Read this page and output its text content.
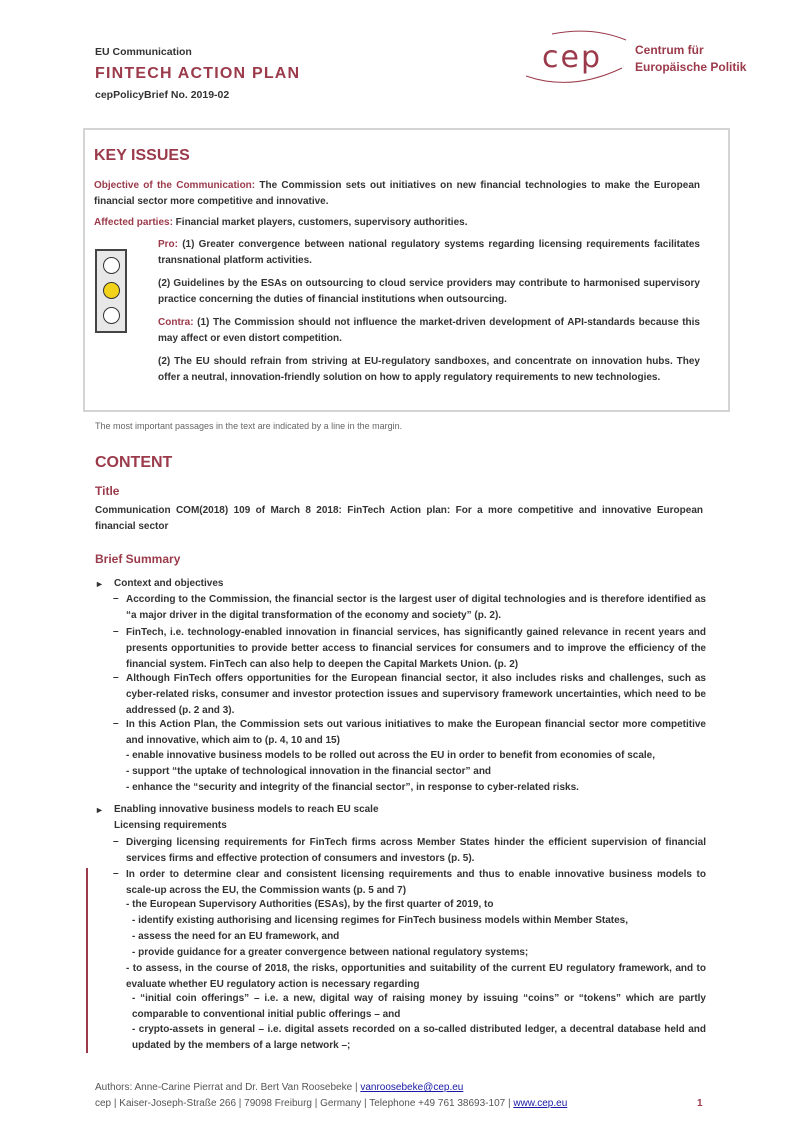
EU Communication
FINTECH ACTION PLAN
cepPolicyBrief No. 2019-02
cep	Centrum für
Europäische Politik
KEY ISSUES

Objective of the Communication: The Commission sets out initiatives on new financial technologies to make the European financial sector more competitive and innovative.

Affected parties: Financial market players, customers, supervisory authorities.

Pro: (1) Greater convergence between national regulatory systems regarding licensing requirements facilitates transnational platform activities.

(2) Guidelines by the ESAs on outsourcing to cloud service providers may contribute to harmonised supervisory practice concerning the duties of financial institutions when outsourcing.

Contra: (1) The Commission should not influence the market-driven development of API-standards because this may affect or even distort competition.

(2) The EU should refrain from striving at EU-regulatory sandboxes, and concentrate on innovation hubs. They offer a neutral, innovation-friendly solution on how to apply regulatory requirements to new technologies.

The most important passages in the text are indicated by a line in the margin.
CONTENT
Title
Communication COM(2018) 109 of March 8 2018: FinTech Action plan: For a more competitive and innovative European financial sector
Brief Summary
► Context and objectives
– According to the Commission, the financial sector is the largest user of digital technologies and is therefore identified as “a major driver in the digital transformation of the economy and society” (p. 2).
– FinTech, i.e. technology-enabled innovation in financial services, has significantly gained relevance in recent years and presents opportunities to provide better access to financial services for consumers and to improve the efficiency of the financial system. FinTech can also help to deepen the Capital Markets Union. (p. 2)
– Although FinTech offers opportunities for the European financial sector, it also includes risks and challenges, such as cyber-related risks, consumer and investor protection issues and supervisory framework uncertainties, which need to be addressed (p. 2 and 3).
– In this Action Plan, the Commission sets out various initiatives to make the European financial sector more competitive and innovative, which aim to (p. 4, 10 and 15)
- enable innovative business models to be rolled out across the EU in order to benefit from economies of scale,
- support “the uptake of technological innovation in the financial sector” and
- enhance the “security and integrity of the financial sector”, in response to cyber-related risks.
► Enabling innovative business models to reach EU scale
Licensing requirements
– Diverging licensing requirements for FinTech firms across Member States hinder the efficient supervision of financial services firms and effective protection of consumers and investors (p. 5).
– In order to determine clear and consistent licensing requirements and thus to enable innovative business models to scale-up across the EU, the Commission wants (p. 5 and 7)
- the European Supervisory Authorities (ESAs), by the first quarter of 2019, to
- identify existing authorising and licensing regimes for FinTech business models within Member States,
- assess the need for an EU framework, and
- provide guidance for a greater convergence between national regulatory systems;
- to assess, in the course of 2018, the risks, opportunities and suitability of the current EU regulatory framework, and to evaluate whether EU regulatory action is necessary regarding
- “initial coin offerings” – i.e. a new, digital way of raising money by issuing “coins” or “tokens” which are partly comparable to conventional initial public offerings – and
- crypto-assets in general – i.e. digital assets recorded on a so-called distributed ledger, a decentral database held and updated by the members of a large network –;
Authors: Anne-Carine Pierrat and Dr. Bert Van Roosebeke | vanroosebeke@cep.eu
cep | Kaiser-Joseph-Straße 266 | 79098 Freiburg | Germany | Telephone +49 761 38693-107 | www.cep.eu	1
